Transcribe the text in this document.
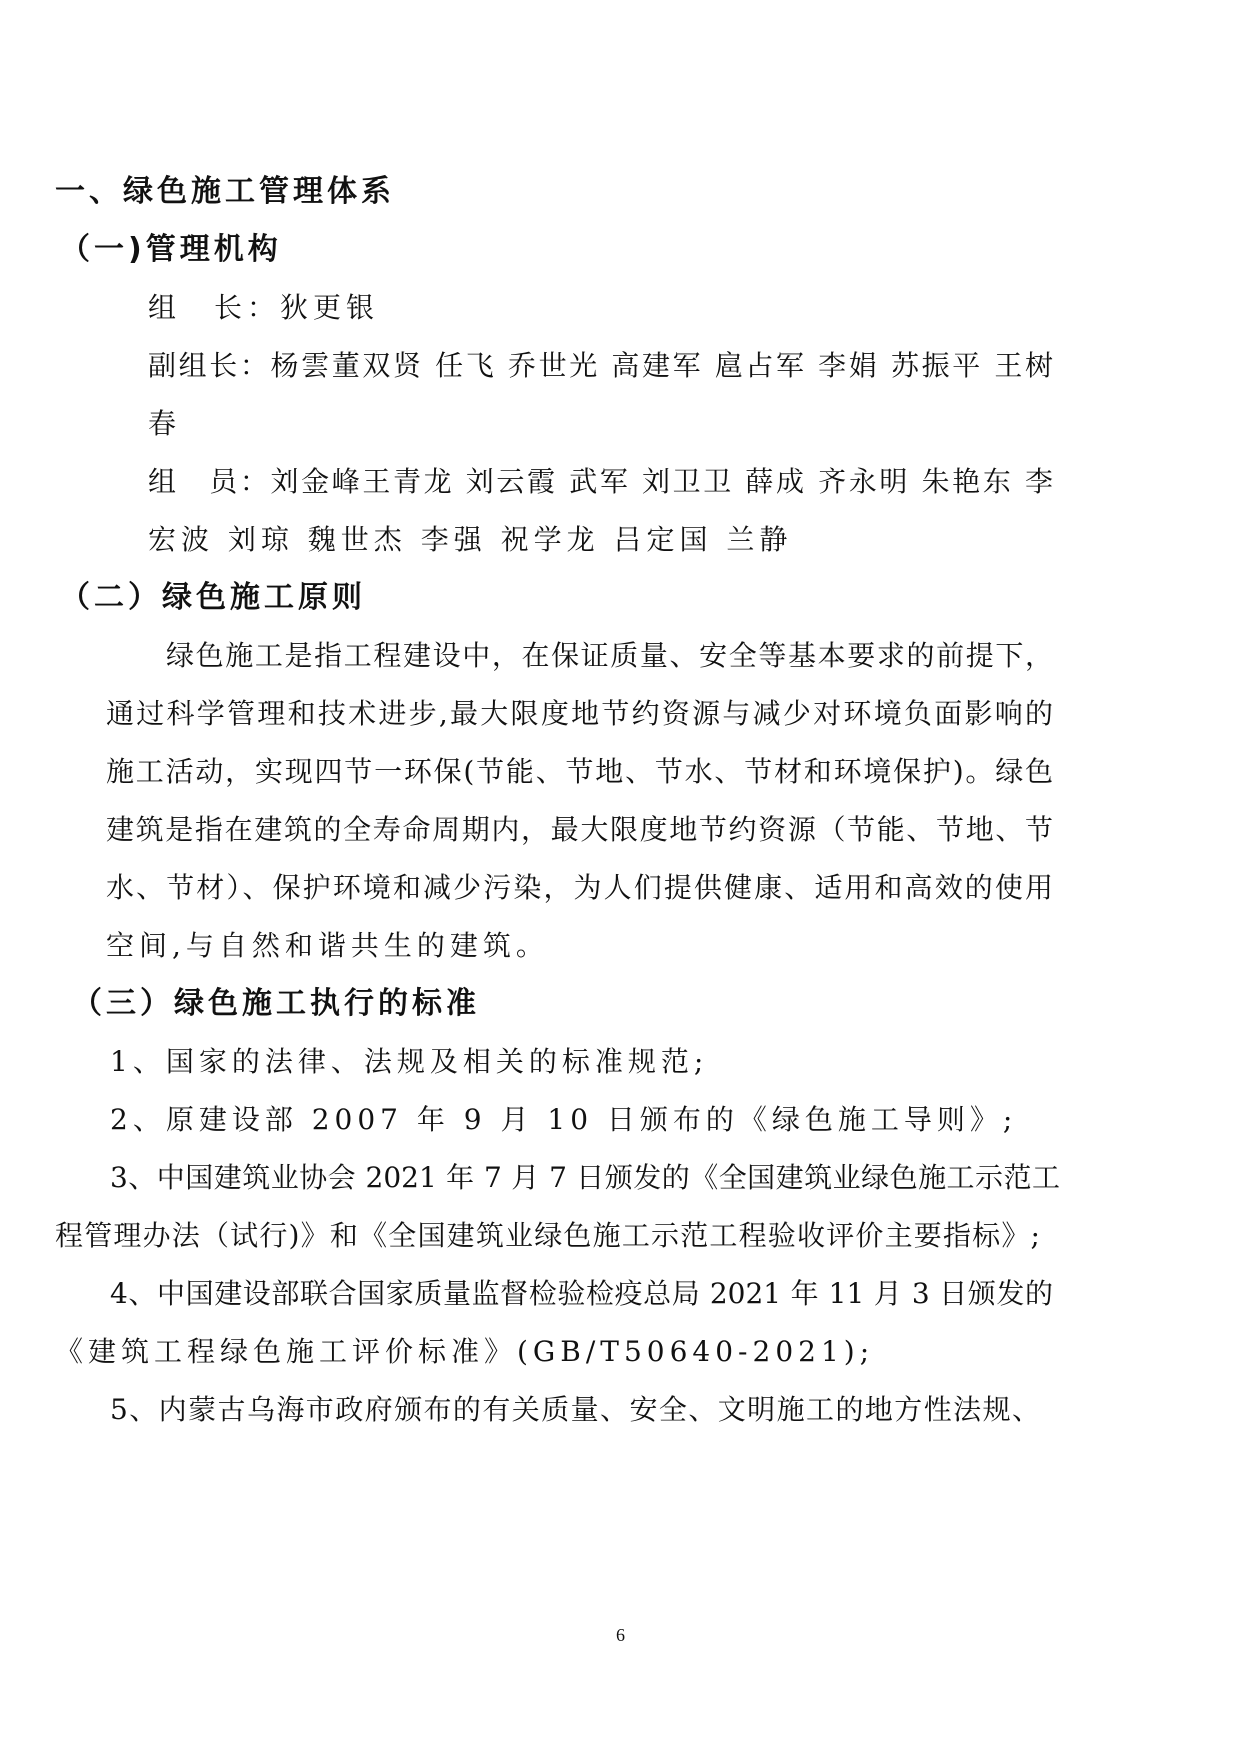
一、绿色施工管理体系
（一)管理机构
组　长：狄更银
副组长：杨雲董双贤 任飞 乔世光 高建军 扈占军 李娟 苏振平 王树
春
组　员：刘金峰王青龙 刘云霞 武军 刘卫卫 薛成 齐永明 朱艳东 李
宏波 刘琼 魏世杰 李强 祝学龙 吕定国 兰静
（二）绿色施工原则
绿色施工是指工程建设中，在保证质量、安全等基本要求的前提下，
通过科学管理和技术进步,最大限度地节约资源与减少对环境负面影响的
施工活动，实现四节一环保(节能、节地、节水、节材和环境保护)。绿色
建筑是指在建筑的全寿命周期内，最大限度地节约资源（节能、节地、节
水、节材）、保护环境和减少污染，为人们提供健康、适用和高效的使用
空间,与自然和谐共生的建筑。
（三）绿色施工执行的标准
1、国家的法律、法规及相关的标准规范;
2、原建设部 2007 年 9 月 10 日颁布的《绿色施工导则》;
3、中国建筑业协会 2021 年 7 月 7 日颁发的《全国建筑业绿色施工示范工
程管理办法（试行)》和《全国建筑业绿色施工示范工程验收评价主要指标》;
4、中国建设部联合国家质量监督检验检疫总局 2021 年 11 月 3 日颁发的
《建筑工程绿色施工评价标准》(GB/T50640-2021);
5、内蒙古乌海市政府颁布的有关质量、安全、文明施工的地方性法规、
6
